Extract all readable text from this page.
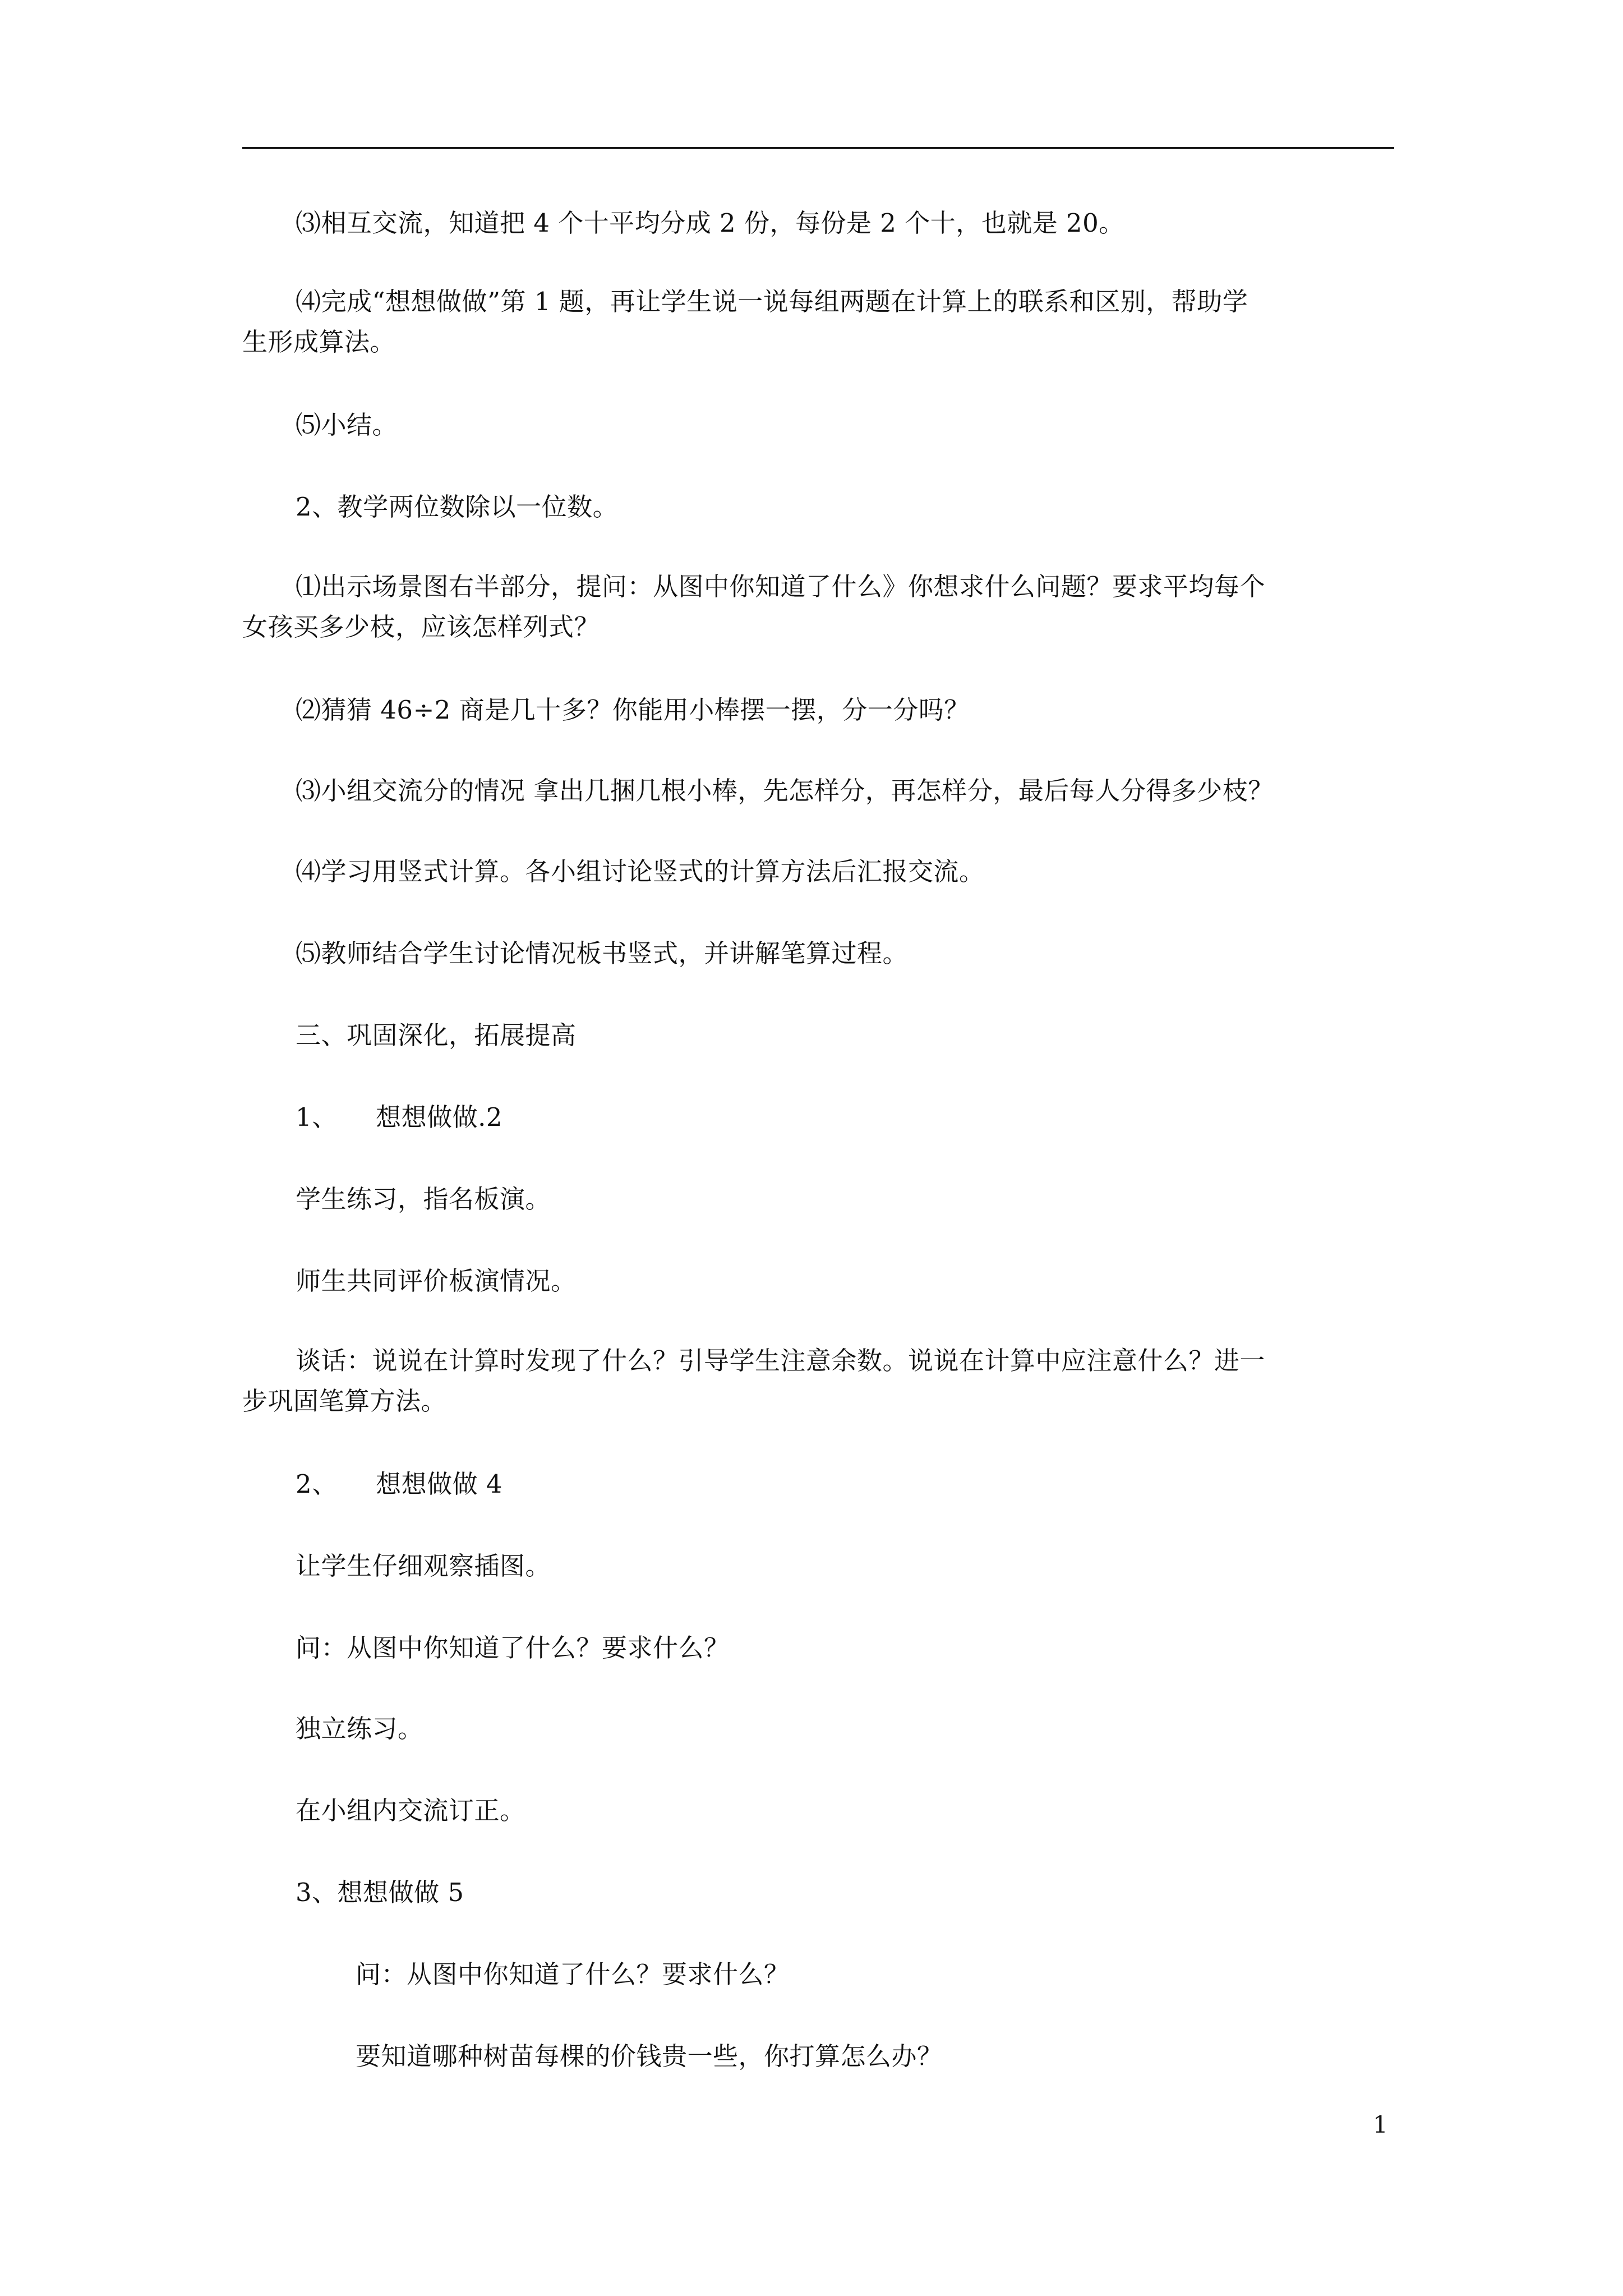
⑶相互交流，知道把 4 个十平均分成 2 份，每份是 2 个十，也就是 20。
⑷完成“想想做做”第 1 题，再让学生说一说每组两题在计算上的联系和区别，帮助学
生形成算法。
⑸小结。
2、教学两位数除以一位数。
⑴出示场景图右半部分，提问：从图中你知道了什么》你想求什么问题？要求平均每个
女孩买多少枝，应该怎样列式？
⑵猜猜 46÷2 商是几十多？你能用小棒摆一摆，分一分吗？
⑶小组交流分的情况 拿出几捆几根小棒，先怎样分，再怎样分，最后每人分得多少枝？
⑷学习用竖式计算。各小组讨论竖式的计算方法后汇报交流。
⑸教师结合学生讨论情况板书竖式，并讲解笔算过程。
三、巩固深化，拓展提高
1、　　想想做做.2
学生练习，指名板演。
师生共同评价板演情况。
谈话：说说在计算时发现了什么？引导学生注意余数。说说在计算中应注意什么？进一
步巩固笔算方法。
2、　　想想做做 4
让学生仔细观察插图。
问：从图中你知道了什么？要求什么？
独立练习。
在小组内交流订正。
3、想想做做 5
问：从图中你知道了什么？要求什么？
要知道哪种树苗每棵的价钱贵一些，你打算怎么办？
1
